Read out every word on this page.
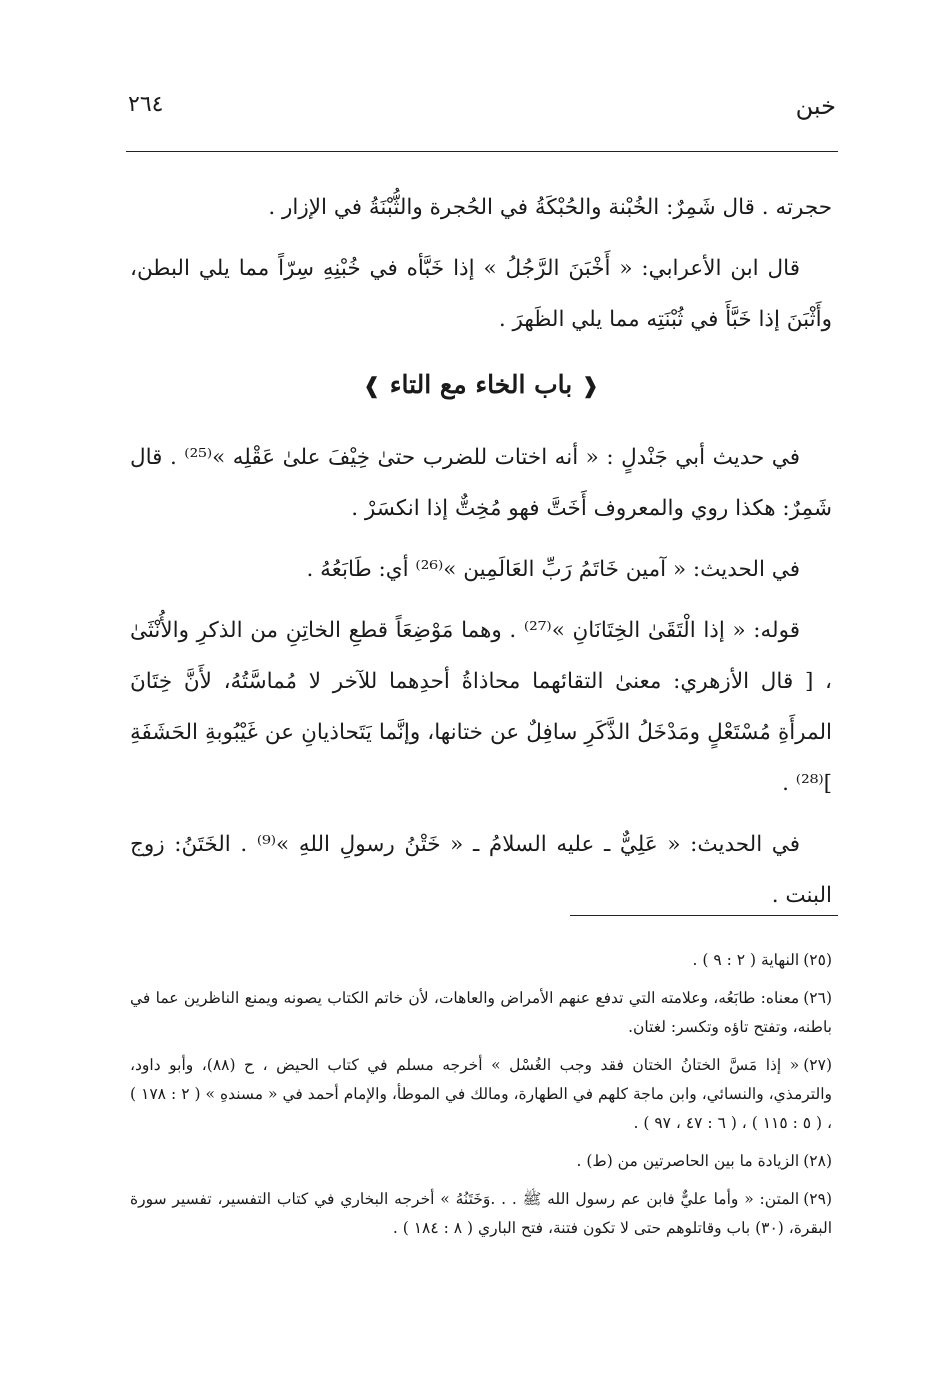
خبن
٢٦٤

حجرته . قال شَمِرٌ: الخُبْنة والحُبْكَةُ في الحُجرة والثُّبْنَةُ في الإزار .

قال ابن الأعرابي: « أَخْبَنَ الرَّجُلُ » إذا خَبَّأه في خُبْنِهِ سِرّاً مما يلي البطن، وأَثْبَنَ إذا خَبَّأَ في ثُبْنَتِه مما يلي الظَهرَ .

❰ باب الخاء مع التاء ❱

في حديث أبي جَنْدلٍ : « أنه اختات للضرب حتىٰ خِيْفَ علىٰ عَقْلِه »⁽²⁵⁾ . قال شَمِرٌ: هكذا روي والمعروف أَخَتَّ فهو مُخِتٌّ إذا انكسَرْ .

في الحديث: « آمين خَاتَمُ رَبِّ العَالَمِين »⁽²⁶⁾ أي: طَابَعُهُ .

قوله: « إذا الْتَقَىٰ الخِتَانَانِ »⁽²⁷⁾ . وهما مَوْضِعَاً قطعِ الخاتِنِ من الذكرِ والأُنْثَىٰ ، [ قال الأزهري: معنىٰ التقائهما محاذاةُ أحدِهما للآخر لا مُماسَّتُهُ، لأَنَّ خِتَانَ المرأَةِ مُسْتَعْلٍ ومَدْخَلُ الذَّكَرِ سافِلٌ عن ختانها، وإنَّما يَتَحاذيانِ عن غَيْبُوبةِ الحَشَفَةِ ]⁽²⁸⁾ .

في الحديث: « عَلِيٌّ ـ عليه السلامُ ـ « خَتْنُ رسولِ اللهِ »⁽⁹⁾ . الخَتَنُ: زوج البنت .

(٢٥)النهاية ( ٢ : ٩ ) .
(٢٦)معناه: طابَعُه، وعلامته التي تدفع عنهم الأمراض والعاهات، لأن خاتم الكتاب يصونه ويمنع الناظرين عما في باطنه، وتفتح تاؤه وتكسر: لغتان.
(٢٧)« إذا مَسَّ الختانُ الختان فقد وجب الغُسْل » أخرجه مسلم في كتاب الحيض ، ح (٨٨)، وأبو داود، والترمذي، والنسائي، وابن ماجة كلهم في الطهارة، ومالك في الموطأ، والإمام أحمد في « مسندهِ » ( ٢ : ١٧٨ ) ، ( ٥ : ١١٥ ) ، ( ٦ : ٤٧ ، ٩٧ ) .
(٢٨)الزيادة ما بين الحاصرتين من (ط) .
(٢٩)المتن: « وأما عليٌّ فابن عم رسول الله ﷺ . . .وَخَتَنُهُ » أخرجه البخاري في كتاب التفسير، تفسير سورة البقرة، (٣٠) باب وقاتلوهم حتى لا تكون فتنة، فتح الباري ( ٨ : ١٨٤ ) .
